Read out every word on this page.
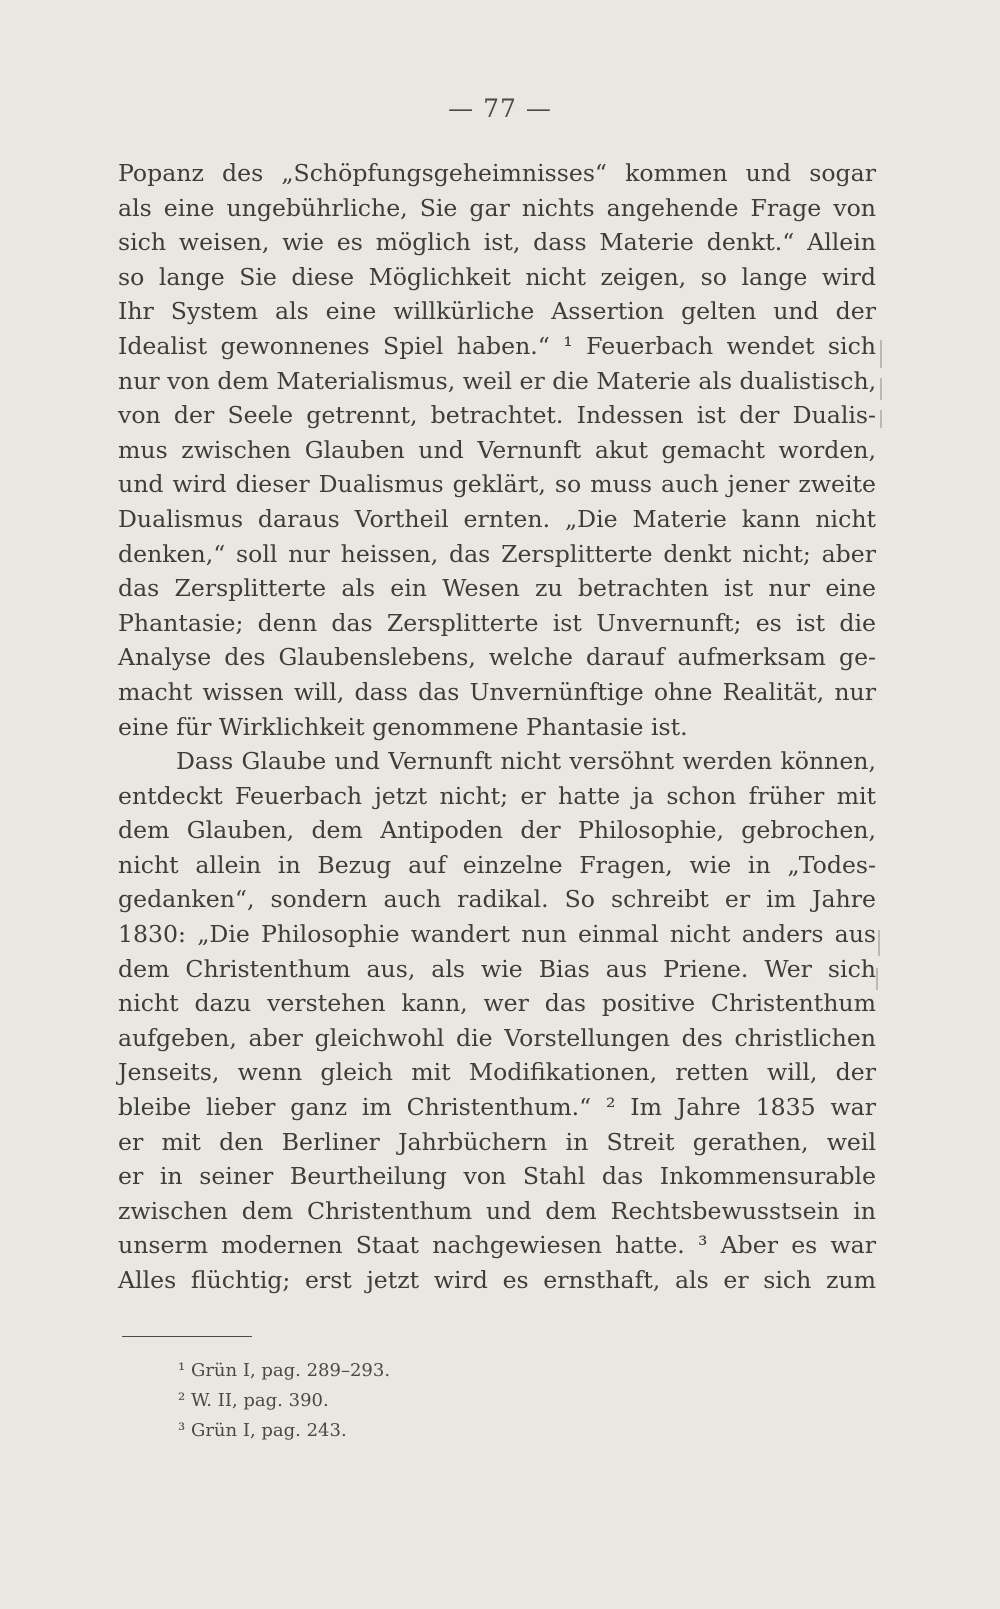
— 77 —
Popanz des „Schöpfungsgeheimnisses“ kommen und sogar
als eine ungebührliche, Sie gar nichts angehende Frage von
sich weisen, wie es möglich ist, dass Materie denkt.“ Allein
so lange Sie diese Möglichkeit nicht zeigen, so lange wird
Ihr System als eine willkürliche Assertion gelten und der
Idealist gewonnenes Spiel haben.“ ¹ Feuerbach wendet sich
nur von dem Materialismus, weil er die Materie als dualistisch,
von der Seele getrennt, betrachtet. Indessen ist der Dualis-
mus zwischen Glauben und Vernunft akut gemacht worden,
und wird dieser Dualismus geklärt, so muss auch jener zweite
Dualismus daraus Vortheil ernten. „Die Materie kann nicht
denken,“ soll nur heissen, das Zersplitterte denkt nicht; aber
das Zersplitterte als ein Wesen zu betrachten ist nur eine
Phantasie; denn das Zersplitterte ist Unvernunft; es ist die
Analyse des Glaubenslebens, welche darauf aufmerksam ge-
macht wissen will, dass das Unvernünftige ohne Realität, nur
eine für Wirklichkeit genommene Phantasie ist.
Dass Glaube und Vernunft nicht versöhnt werden können,
entdeckt Feuerbach jetzt nicht; er hatte ja schon früher mit
dem Glauben, dem Antipoden der Philosophie, gebrochen,
nicht allein in Bezug auf einzelne Fragen, wie in „Todes-
gedanken“, sondern auch radikal. So schreibt er im Jahre
1830: „Die Philosophie wandert nun einmal nicht anders aus
dem Christenthum aus, als wie Bias aus Priene. Wer sich
nicht dazu verstehen kann, wer das positive Christenthum
aufgeben, aber gleichwohl die Vorstellungen des christlichen
Jenseits, wenn gleich mit Modifikationen, retten will, der
bleibe lieber ganz im Christenthum.“ ² Im Jahre 1835 war
er mit den Berliner Jahrbüchern in Streit gerathen, weil
er in seiner Beurtheilung von Stahl das Inkommensurable
zwischen dem Christenthum und dem Rechtsbewusstsein in
unserm modernen Staat nachgewiesen hatte. ³ Aber es war
Alles flüchtig; erst jetzt wird es ernsthaft, als er sich zum
¹ Grün I, pag. 289–293.
² W. II, pag. 390.
³ Grün I, pag. 243.
